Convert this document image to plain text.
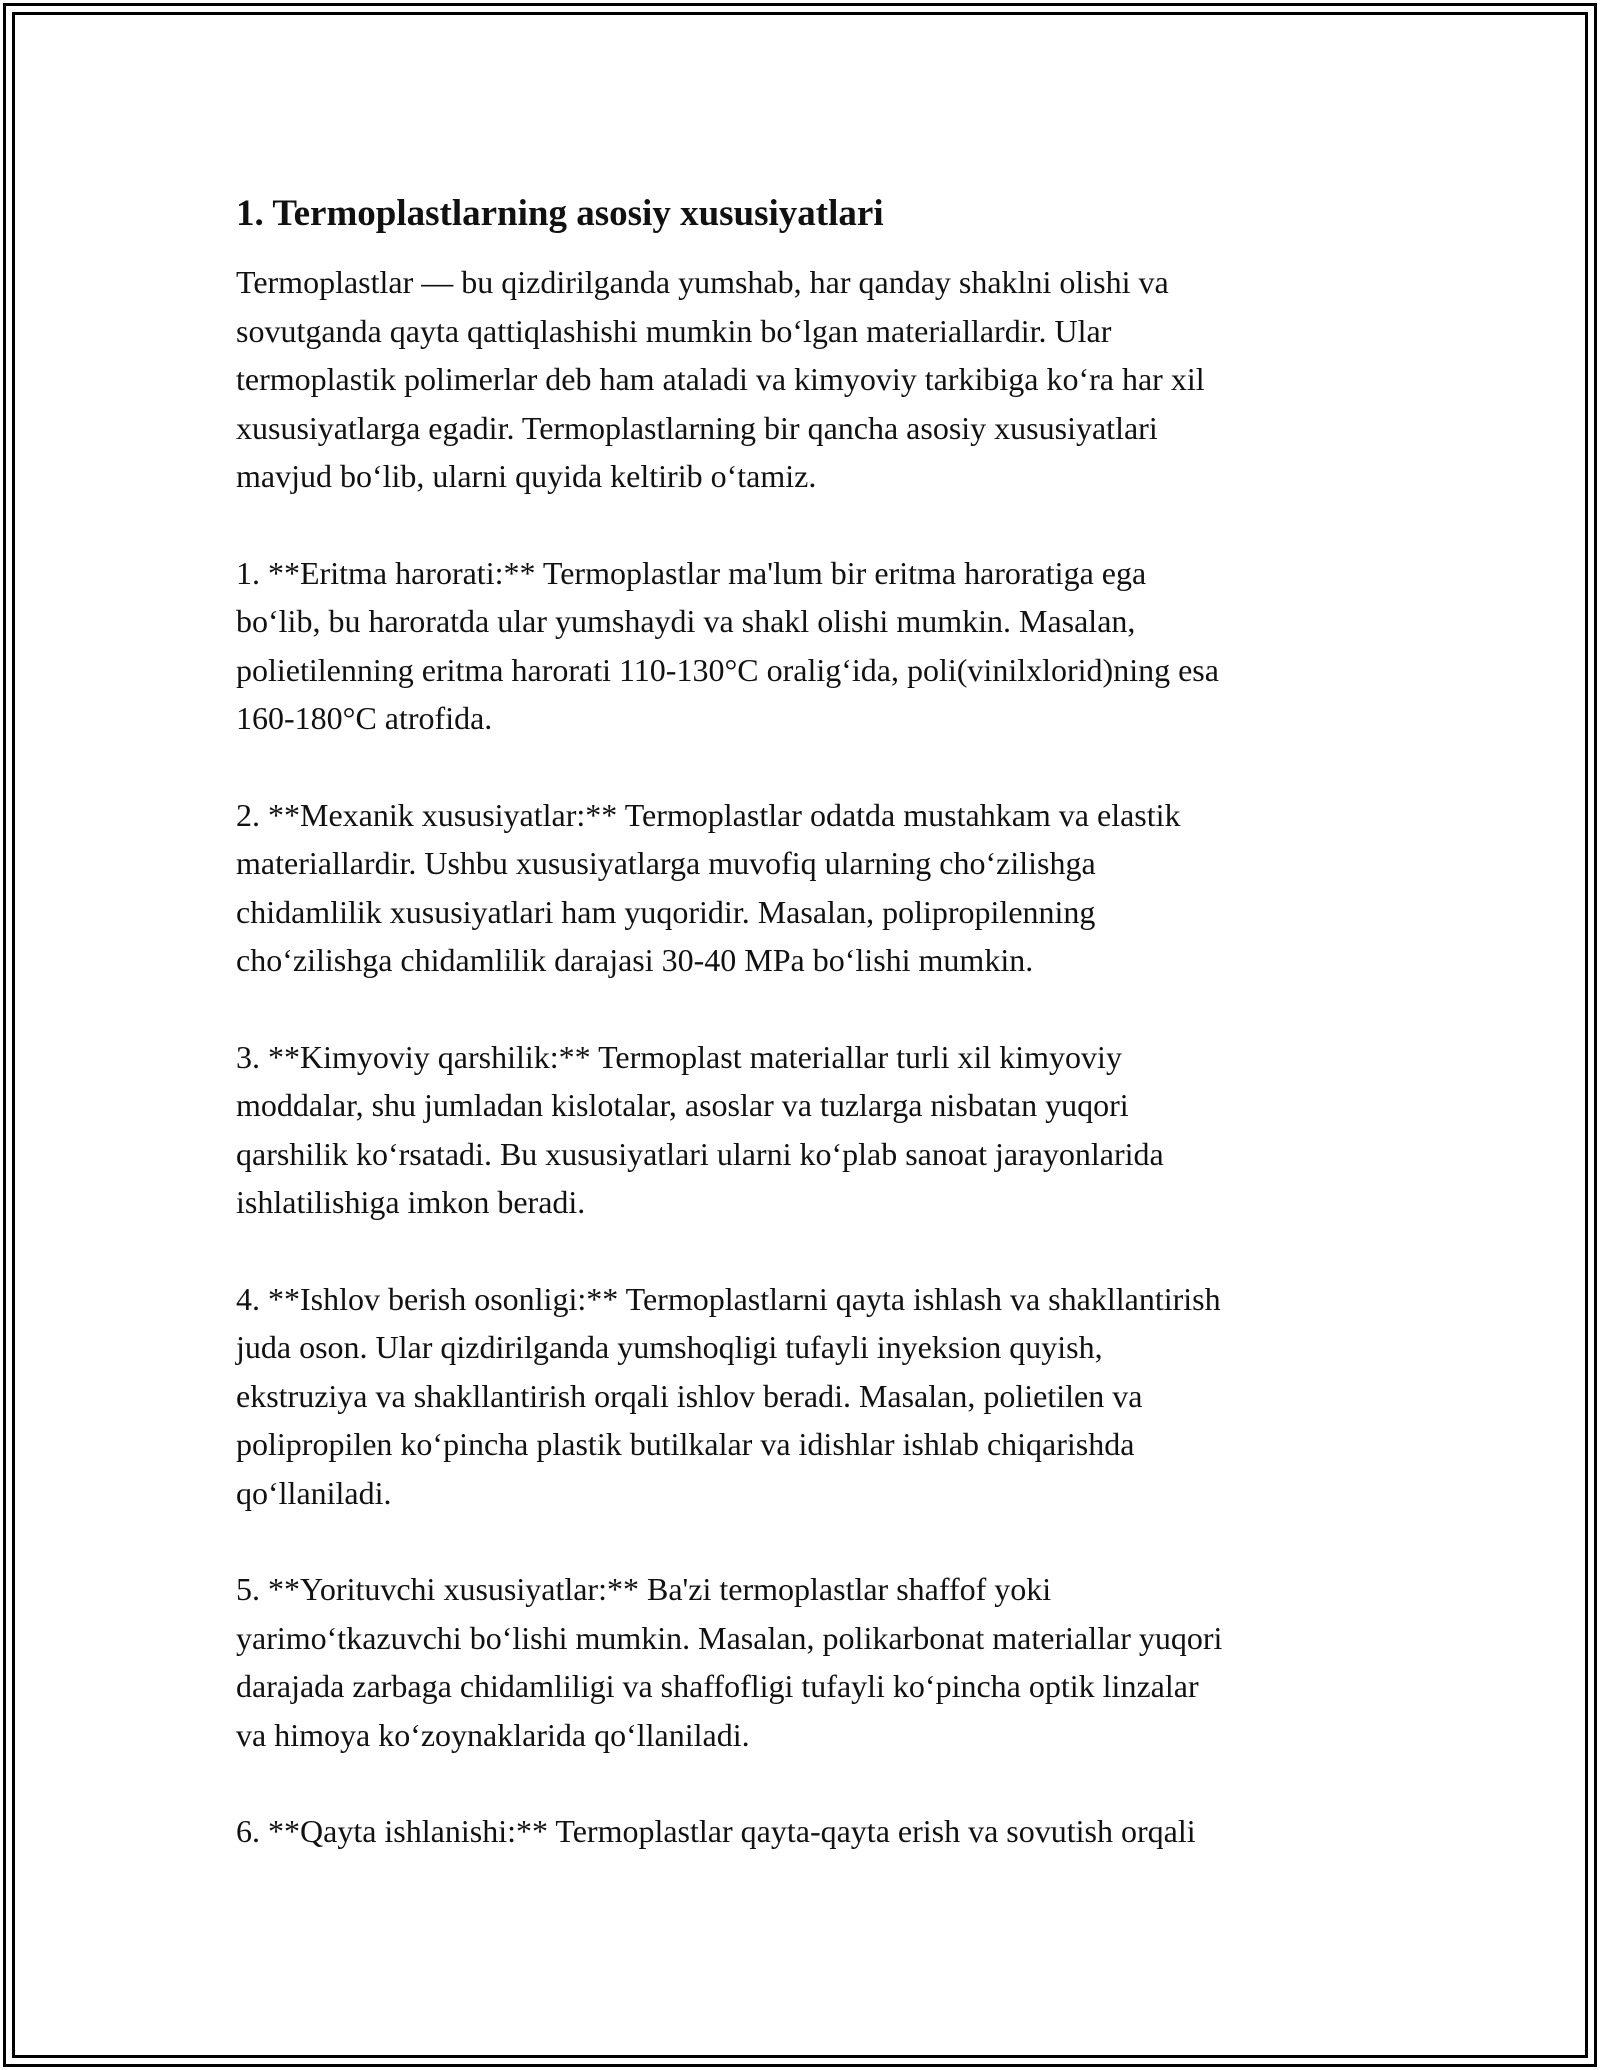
1. Termoplastlarning asosiy xususiyatlari

Termoplastlar — bu qizdirilganda yumshab, har qanday shaklni olishi va
sovutganda qayta qattiqlashishi mumkin bo‘lgan materiallardir. Ular
termoplastik polimerlar deb ham ataladi va kimyoviy tarkibiga ko‘ra har xil
xususiyatlarga egadir. Termoplastlarning bir qancha asosiy xususiyatlari
mavjud bo‘lib, ularni quyida keltirib o‘tamiz.

1. **Eritma harorati:** Termoplastlar ma'lum bir eritma haroratiga ega
bo‘lib, bu haroratda ular yumshaydi va shakl olishi mumkin. Masalan,
polietilenning eritma harorati 110-130°C oralig‘ida, poli(vinilxlorid)ning esa
160-180°C atrofida.

2. **Mexanik xususiyatlar:** Termoplastlar odatda mustahkam va elastik
materiallardir. Ushbu xususiyatlarga muvofiq ularning cho‘zilishga
chidamlilik xususiyatlari ham yuqoridir. Masalan, polipropilenning
cho‘zilishga chidamlilik darajasi 30-40 MPa bo‘lishi mumkin.

3. **Kimyoviy qarshilik:** Termoplast materiallar turli xil kimyoviy
moddalar, shu jumladan kislotalar, asoslar va tuzlarga nisbatan yuqori
qarshilik ko‘rsatadi. Bu xususiyatlari ularni ko‘plab sanoat jarayonlarida
ishlatilishiga imkon beradi.

4. **Ishlov berish osonligi:** Termoplastlarni qayta ishlash va shakllantirish
juda oson. Ular qizdirilganda yumshoqligi tufayli inyeksion quyish,
ekstruziya va shakllantirish orqali ishlov beradi. Masalan, polietilen va
polipropilen ko‘pincha plastik butilkalar va idishlar ishlab chiqarishda
qo‘llaniladi.

5. **Yorituvchi xususiyatlar:** Ba'zi termoplastlar shaffof yoki
yarimo‘tkazuvchi bo‘lishi mumkin. Masalan, polikarbonat materiallar yuqori
darajada zarbaga chidamliligi va shaffofligi tufayli ko‘pincha optik linzalar
va himoya ko‘zoynaklarida qo‘llaniladi.

6. **Qayta ishlanishi:** Termoplastlar qayta-qayta erish va sovutish orqali
